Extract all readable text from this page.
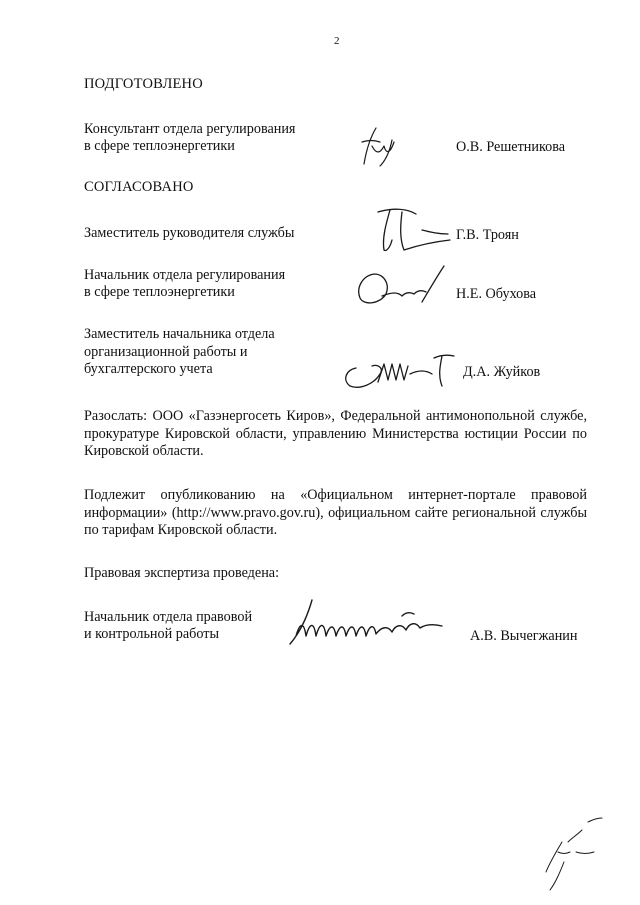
2
ПОДГОТОВЛЕНО
Консультант отдела регулирования
в сфере теплоэнергетики	О.В. Решетникова
СОГЛАСОВАНО
Заместитель руководителя службы	Г.В. Троян
Начальник отдела регулирования
в сфере теплоэнергетики	Н.Е. Обухова
Заместитель начальника отдела
организационной работы и
бухгалтерского учета	Д.А. Жуйков

Разослать: ООО «Газэнергосеть Киров», Федеральной антимонопольной службе, прокуратуре Кировской области, управлению Министерства юстиции России по Кировской области.

Подлежит опубликованию на «Официальном интернет-портале правовой информации» (http://www.pravo.gov.ru), официальном сайте региональной службы по тарифам Кировской области.

Правовая экспертиза проведена:
Начальник отдела правовой
и контрольной работы	А.В. Вычегжанин
